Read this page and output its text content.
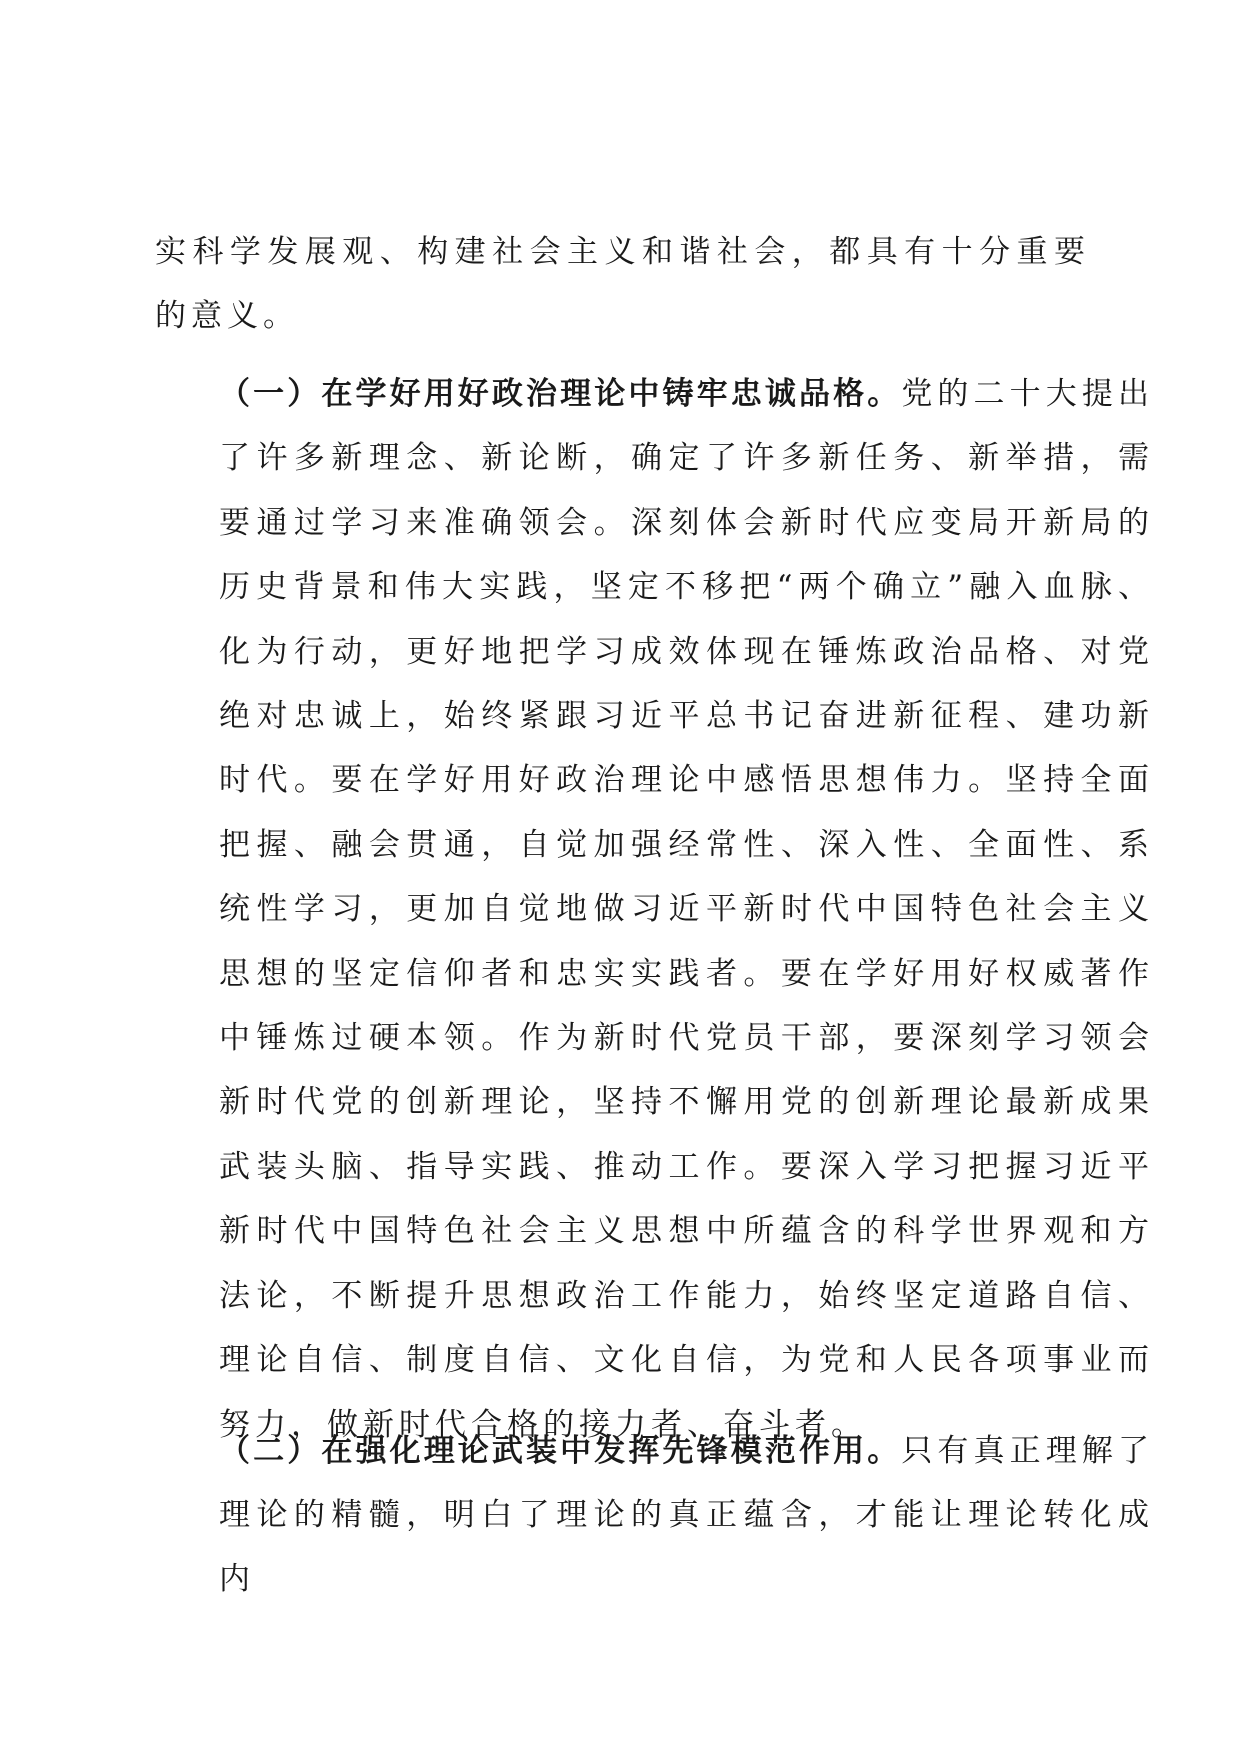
实科学发展观、构建社会主义和谐社会，都具有十分重要的意义。

（一）在学好用好政治理论中铸牢忠诚品格。党的二十大提出了许多新理念、新论断，确定了许多新任务、新举措，需要通过学习来准确领会。深刻体会新时代应变局开新局的历史背景和伟大实践，坚定不移把“两个确立”融入血脉、化为行动，更好地把学习成效体现在锤炼政治品格、对党绝对忠诚上，始终紧跟习近平总书记奋进新征程、建功新时代。要在学好用好政治理论中感悟思想伟力。坚持全面把握、融会贯通，自觉加强经常性、深入性、全面性、系统性学习，更加自觉地做习近平新时代中国特色社会主义思想的坚定信仰者和忠实实践者。要在学好用好权威著作中锤炼过硬本领。作为新时代党员干部，要深刻学习领会新时代党的创新理论，坚持不懈用党的创新理论最新成果武装头脑、指导实践、推动工作。要深入学习把握习近平新时代中国特色社会主义思想中所蕴含的科学世界观和方法论，不断提升思想政治工作能力，始终坚定道路自信、理论自信、制度自信、文化自信，为党和人民各项事业而努力，做新时代合格的接力者、奋斗者。

（二）在强化理论武装中发挥先锋模范作用。只有真正理解了理论的精髓，明白了理论的真正蕴含，才能让理论转化成内
